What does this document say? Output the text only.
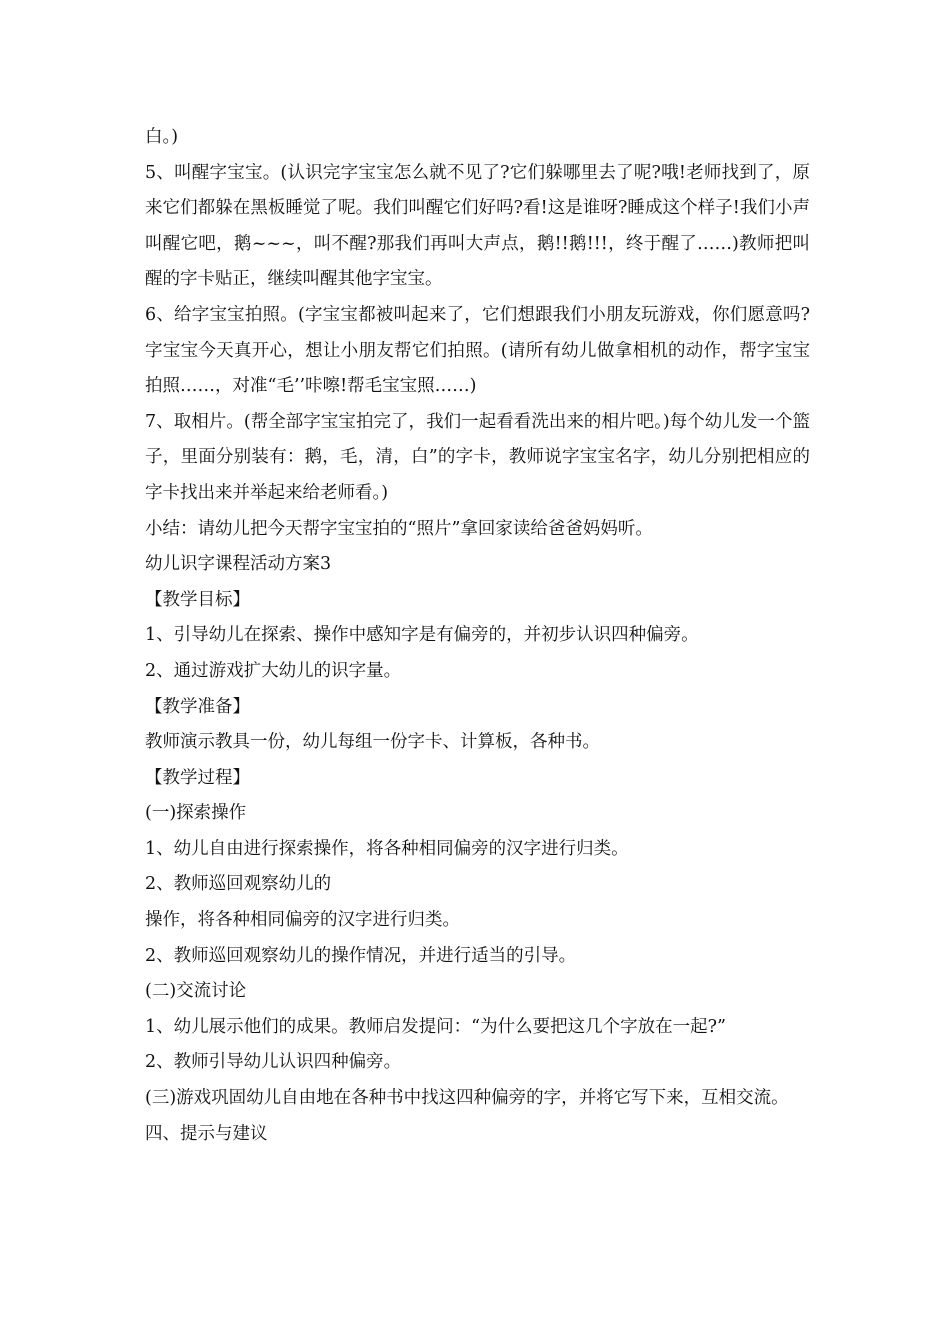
白。)

5、叫醒字宝宝。(认识完字宝宝怎么就不见了?它们躲哪里去了呢?哦!老师找到了，原来它们都躲在黑板睡觉了呢。我们叫醒它们好吗?看!这是谁呀?睡成这个样子!我们小声叫醒它吧，鹅~~~，叫不醒?那我们再叫大声点，鹅!!鹅!!!，终于醒了……)教师把叫醒的字卡贴正，继续叫醒其他字宝宝。

6、给字宝宝拍照。(字宝宝都被叫起来了，它们想跟我们小朋友玩游戏，你们愿意吗?字宝宝今天真开心，想让小朋友帮它们拍照。(请所有幼儿做拿相机的动作，帮字宝宝拍照……，对准“毛’’咔嚓!帮毛宝宝照……)

7、取相片。(帮全部字宝宝拍完了，我们一起看看洗出来的相片吧。)每个幼儿发一个篮子，里面分别装有：鹅，毛，清，白”的字卡，教师说字宝宝名字，幼儿分别把相应的字卡找出来并举起来给老师看。)

小结：请幼儿把今天帮字宝宝拍的“照片”拿回家读给爸爸妈妈听。

幼儿识字课程活动方案3

【教学目标】

1、引导幼儿在探索、操作中感知字是有偏旁的，并初步认识四种偏旁。

2、通过游戏扩大幼儿的识字量。

【教学准备】

教师演示教具一份，幼儿每组一份字卡、计算板，各种书。

【教学过程】

(一)探索操作

1、幼儿自由进行探索操作，将各种相同偏旁的汉字进行归类。

2、教师巡回观察幼儿的

操作，将各种相同偏旁的汉字进行归类。

2、教师巡回观察幼儿的操作情况，并进行适当的引导。

(二)交流讨论

1、幼儿展示他们的成果。教师启发提问：“为什么要把这几个字放在一起?”

2、教师引导幼儿认识四种偏旁。

(三)游戏巩固幼儿自由地在各种书中找这四种偏旁的字，并将它写下来，互相交流。

四、提示与建议
